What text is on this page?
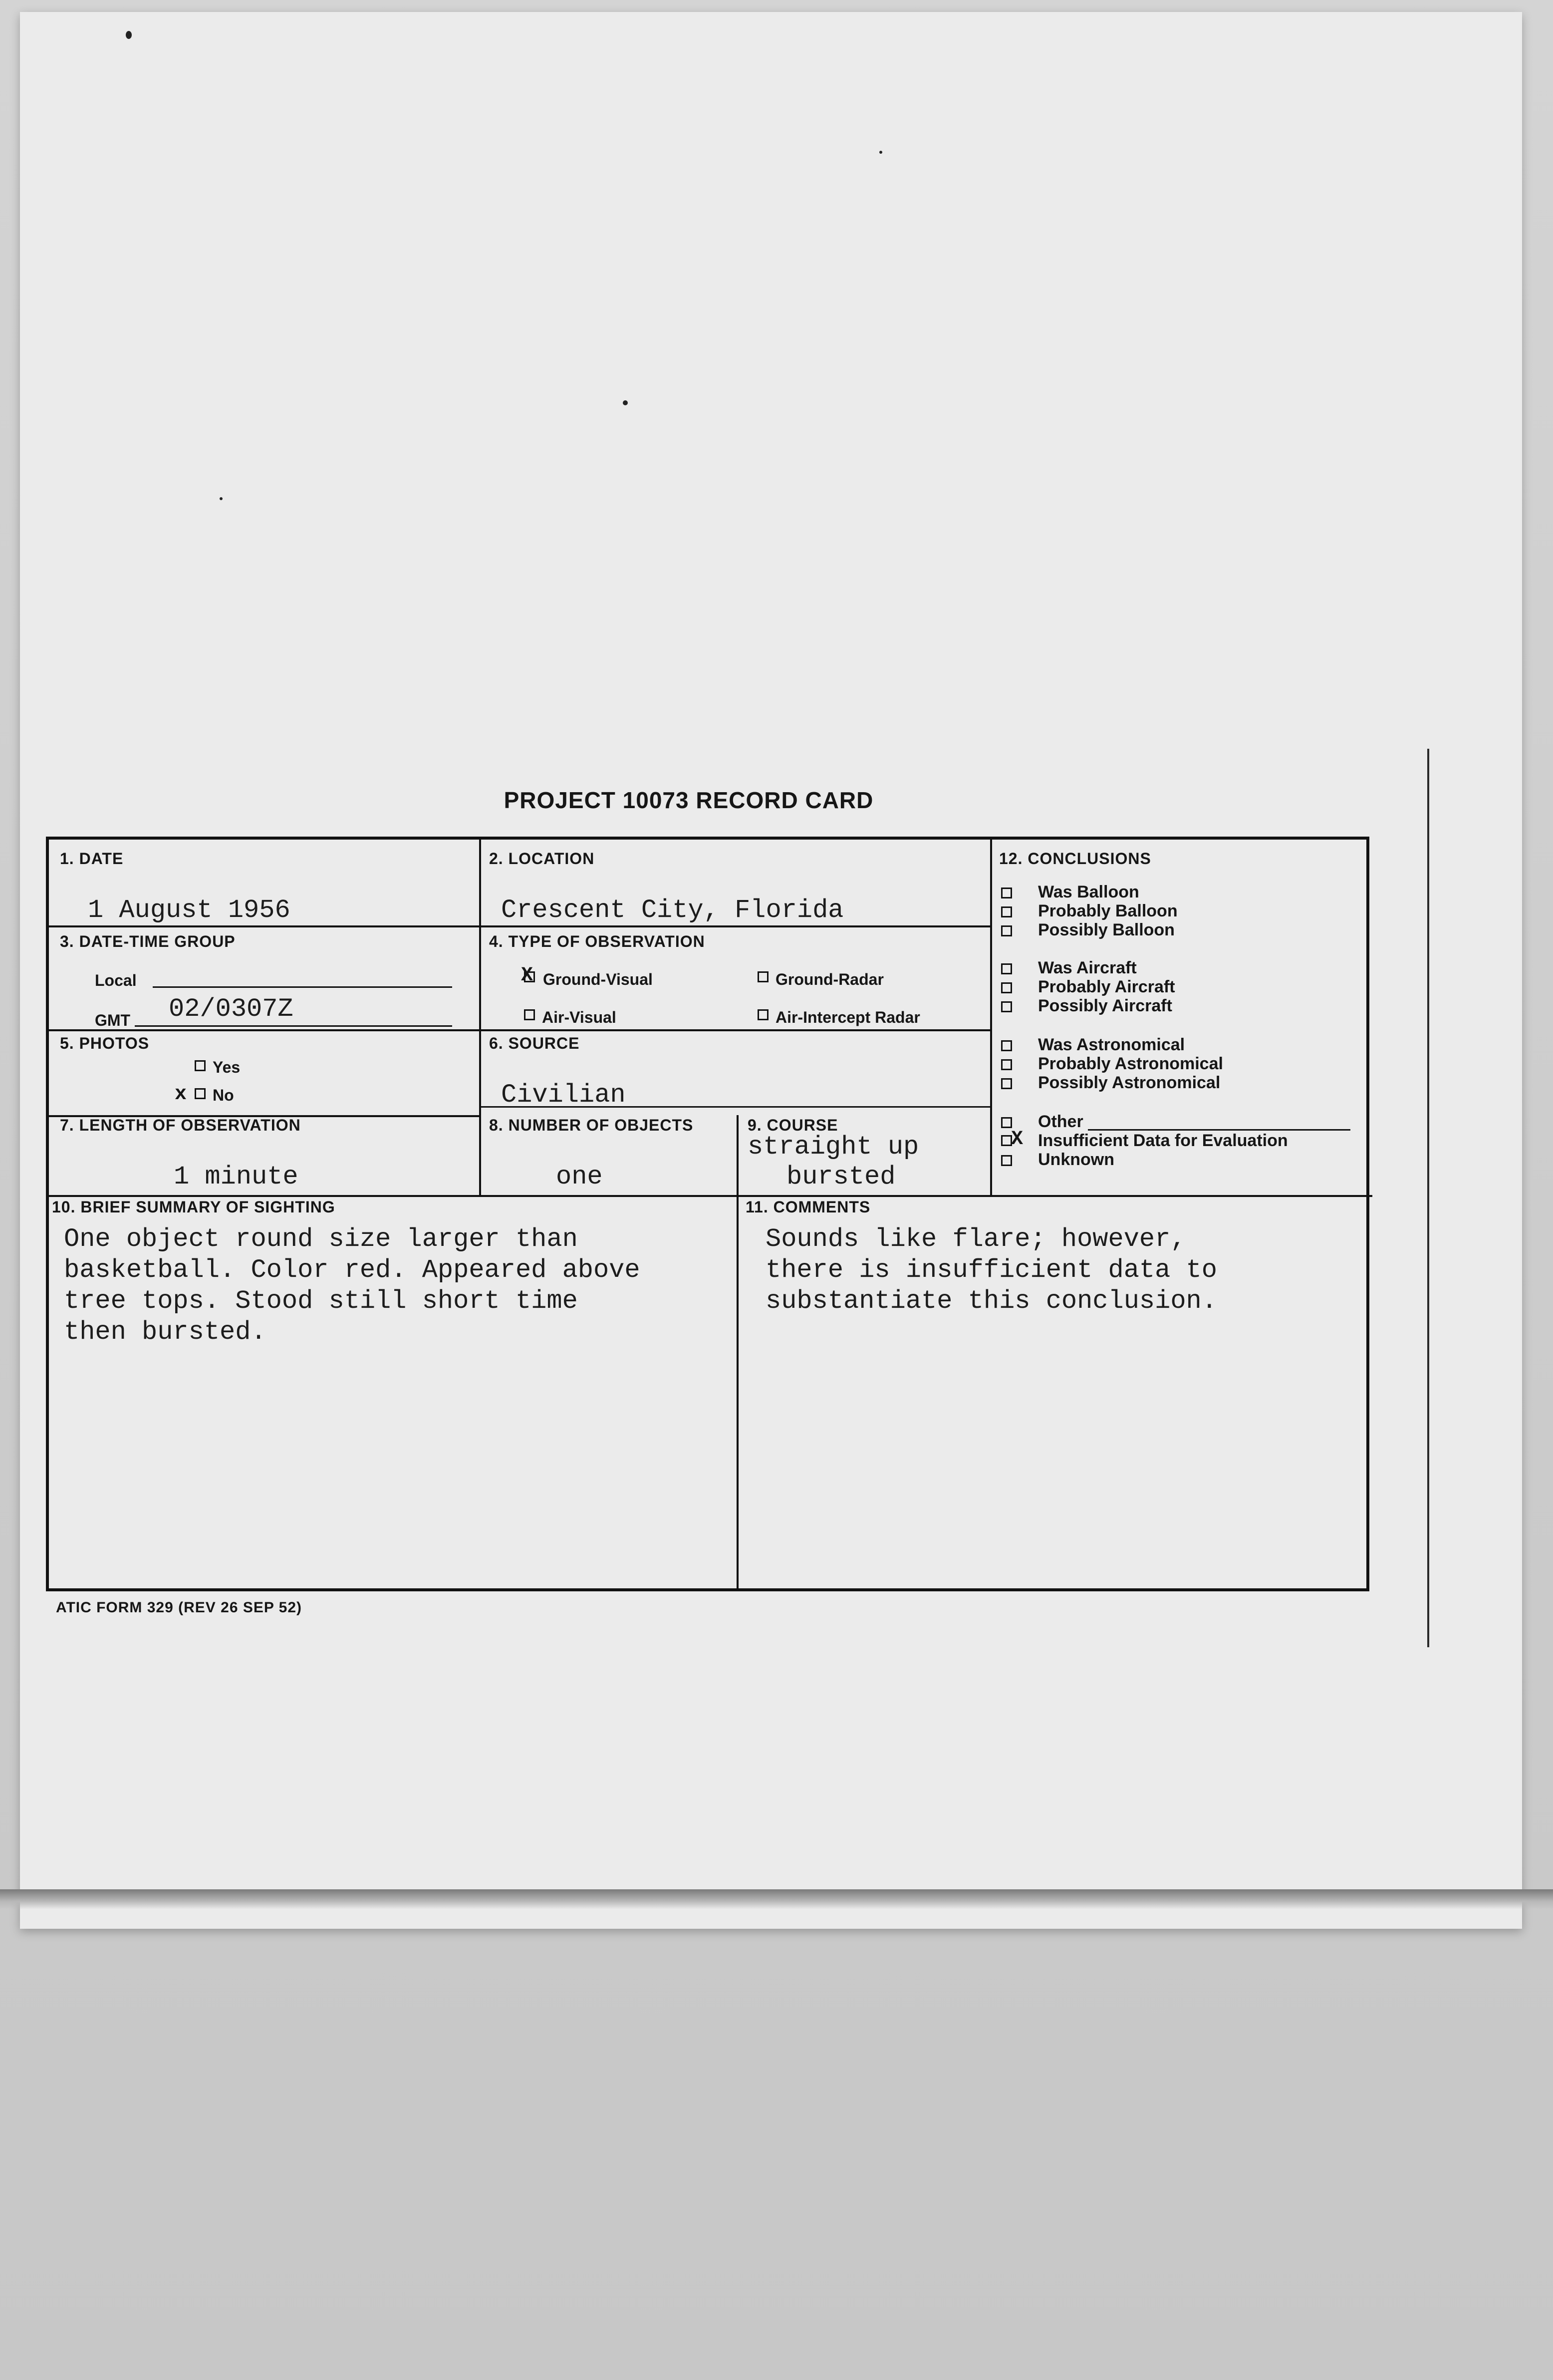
PROJECT 10073 RECORD CARD
1. DATE
1 August 1956
2. LOCATION
Crescent City, Florida
3. DATE-TIME GROUP
Local
GMT 02/0307Z
4. TYPE OF OBSERVATION
X Ground-Visual	Ground-Radar
Air-Visual	Air-Intercept Radar
5. PHOTOS
Yes
x No
6. SOURCE
Civilian
7. LENGTH OF OBSERVATION
1 minute
8. NUMBER OF OBJECTS
one
9. COURSE
straight up
bursted
10. BRIEF SUMMARY OF SIGHTING
One object round size larger than
basketball. Color red. Appeared above
tree tops. Stood still short time
then bursted.
11. COMMENTS
Sounds like flare; however,
there is insufficient data to
substantiate this conclusion.
12. CONCLUSIONS
Was Balloon
Probably Balloon
Possibly Balloon
Was Aircraft
Probably Aircraft
Possibly Aircraft
Was Astronomical
Probably Astronomical
Possibly Astronomical
Other
X Insufficient Data for Evaluation
Unknown
ATIC FORM 329 (REV 26 SEP 52)
